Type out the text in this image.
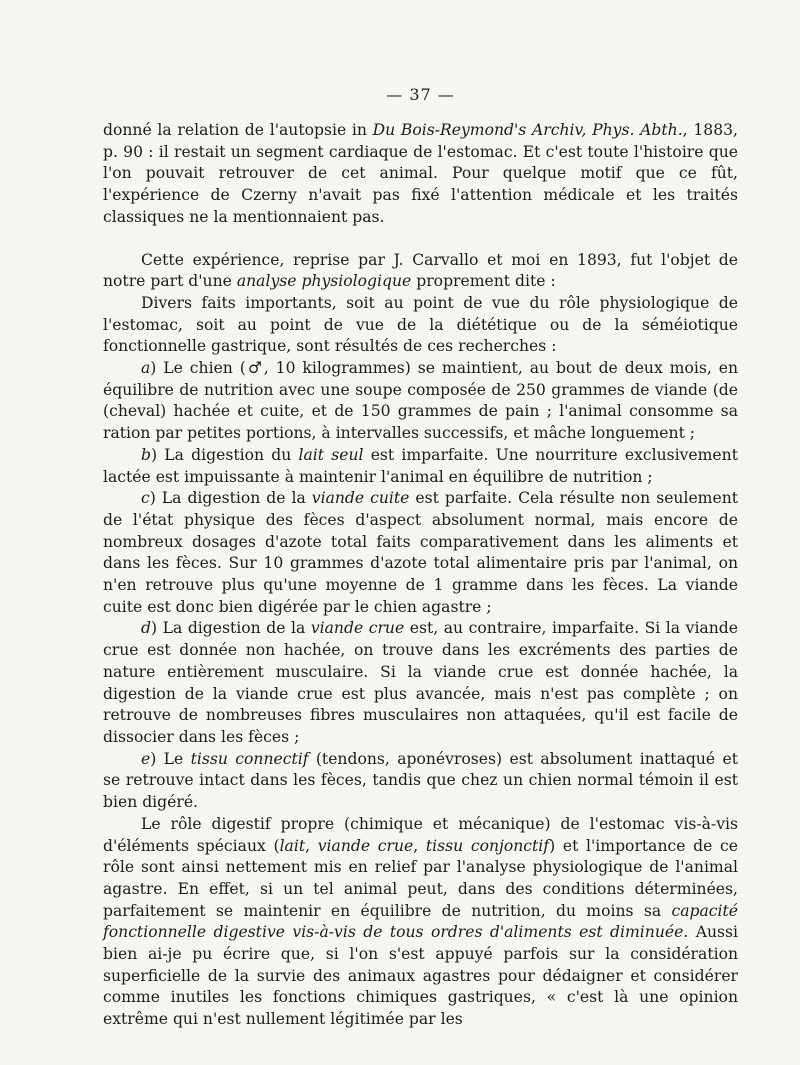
— 37 —

donné la relation de l'autopsie in Du Bois-Reymond's Archiv, Phys. Abth., 1883, p. 90 : il restait un segment cardiaque de l'estomac. Et c'est toute l'histoire que l'on pouvait retrouver de cet animal. Pour quelque motif que ce fût, l'expérience de Czerny n'avait pas fixé l'attention médicale et les traités classiques ne la mentionnaient pas.

Cette expérience, reprise par J. Carvallo et moi en 1893, fut l'objet de notre part d'une analyse physiologique proprement dite :

Divers faits importants, soit au point de vue du rôle physiologique de l'estomac, soit au point de vue de la diététique ou de la séméiotique fonctionnelle gastrique, sont résultés de ces recherches :

a) Le chien (♂, 10 kilogrammes) se maintient, au bout de deux mois, en équilibre de nutrition avec une soupe composée de 250 grammes de viande (de (cheval) hachée et cuite, et de 150 grammes de pain ; l'animal consomme sa ration par petites portions, à intervalles successifs, et mâche longuement ;

b) La digestion du lait seul est imparfaite. Une nourriture exclusivement lactée est impuissante à maintenir l'animal en équilibre de nutrition ;

c) La digestion de la viande cuite est parfaite. Cela résulte non seulement de l'état physique des fèces d'aspect absolument normal, mais encore de nombreux dosages d'azote total faits comparativement dans les aliments et dans les fèces. Sur 10 grammes d'azote total alimentaire pris par l'animal, on n'en retrouve plus qu'une moyenne de 1 gramme dans les fèces. La viande cuite est donc bien digérée par le chien agastre ;

d) La digestion de la viande crue est, au contraire, imparfaite. Si la viande crue est donnée non hachée, on trouve dans les excréments des parties de nature entièrement musculaire. Si la viande crue est donnée hachée, la digestion de la viande crue est plus avancée, mais n'est pas complète ; on retrouve de nombreuses fibres musculaires non attaquées, qu'il est facile de dissocier dans les fèces ;

e) Le tissu connectif (tendons, aponévroses) est absolument inattaqué et se retrouve intact dans les fèces, tandis que chez un chien normal témoin il est bien digéré.

Le rôle digestif propre (chimique et mécanique) de l'estomac vis-à-vis d'éléments spéciaux (lait, viande crue, tissu conjonctif) et l'importance de ce rôle sont ainsi nettement mis en relief par l'analyse physiologique de l'animal agastre. En effet, si un tel animal peut, dans des conditions déterminées, parfaitement se maintenir en équilibre de nutrition, du moins sa capacité fonctionnelle digestive vis-à-vis de tous ordres d'aliments est diminuée. Aussi bien ai-je pu écrire que, si l'on s'est appuyé parfois sur la considération superficielle de la survie des animaux agastres pour dédaigner et considérer comme inutiles les fonctions chimiques gastriques, « c'est là une opinion extrême qui n'est nullement légitimée par les
